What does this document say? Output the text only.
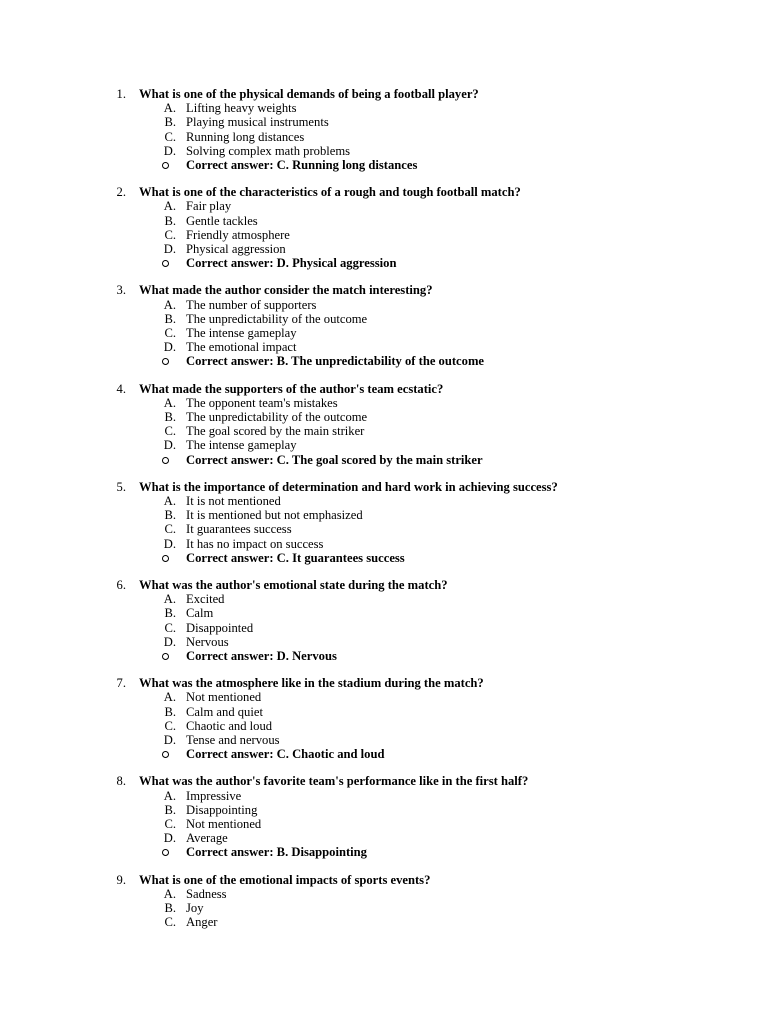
1. What is one of the physical demands of being a football player?
A. Lifting heavy weights
B. Playing musical instruments
C. Running long distances
D. Solving complex math problems
Correct answer: C. Running long distances
2. What is one of the characteristics of a rough and tough football match?
A. Fair play
B. Gentle tackles
C. Friendly atmosphere
D. Physical aggression
Correct answer: D. Physical aggression
3. What made the author consider the match interesting?
A. The number of supporters
B. The unpredictability of the outcome
C. The intense gameplay
D. The emotional impact
Correct answer: B. The unpredictability of the outcome
4. What made the supporters of the author's team ecstatic?
A. The opponent team's mistakes
B. The unpredictability of the outcome
C. The goal scored by the main striker
D. The intense gameplay
Correct answer: C. The goal scored by the main striker
5. What is the importance of determination and hard work in achieving success?
A. It is not mentioned
B. It is mentioned but not emphasized
C. It guarantees success
D. It has no impact on success
Correct answer: C. It guarantees success
6. What was the author's emotional state during the match?
A. Excited
B. Calm
C. Disappointed
D. Nervous
Correct answer: D. Nervous
7. What was the atmosphere like in the stadium during the match?
A. Not mentioned
B. Calm and quiet
C. Chaotic and loud
D. Tense and nervous
Correct answer: C. Chaotic and loud
8. What was the author's favorite team's performance like in the first half?
A. Impressive
B. Disappointing
C. Not mentioned
D. Average
Correct answer: B. Disappointing
9. What is one of the emotional impacts of sports events?
A. Sadness
B. Joy
C. Anger
